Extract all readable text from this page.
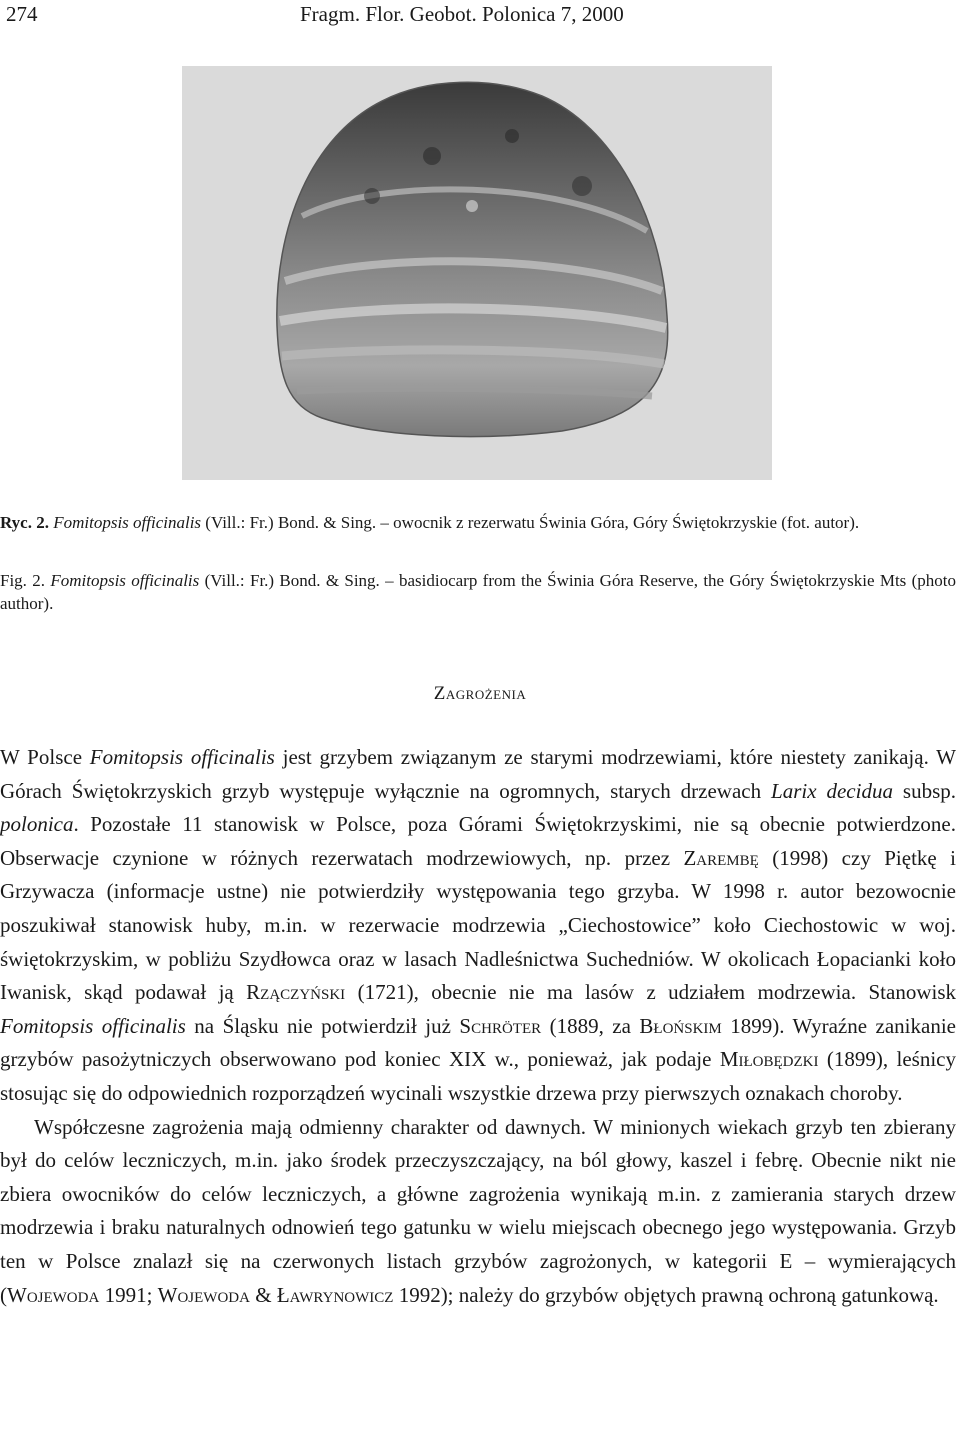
274	Fragm. Flor. Geobot. Polonica 7, 2000
Ryc. 2. Fomitopsis officinalis (Vill.: Fr.) Bond. & Sing. – owocnik z rezerwatu Świnia Góra, Góry Świętokrzyskie (fot. autor).
Fig. 2. Fomitopsis officinalis (Vill.: Fr.) Bond. & Sing. – basidiocarp from the Świnia Góra Reserve, the Góry Świętokrzyskie Mts (photo author).
Zagrożenia

W Polsce Fomitopsis officinalis jest grzybem związanym ze starymi modrzewiami, które niestety zanikają. W Górach Świętokrzyskich grzyb występuje wyłącznie na ogromnych, starych drzewach Larix decidua subsp. polonica. Pozostałe 11 stanowisk w Polsce, poza Górami Świętokrzyskimi, nie są obecnie potwierdzone. Obserwacje czynione w różnych rezerwatach modrzewiowych, np. przez Zarembę (1998) czy Piętkę i Grzywacza (informacje ustne) nie potwierdziły występowania tego grzyba. W 1998 r. autor bezowocnie poszukiwał stanowisk huby, m.in. w rezerwacie modrzewia „Ciechostowice” koło Ciechostowic w woj. świętokrzyskim, w pobliżu Szydłowca oraz w lasach Nadleśnictwa Suchedniów. W okolicach Łopacianki koło Iwanisk, skąd podawał ją Rzączyński (1721), obecnie nie ma lasów z udziałem modrzewia. Stanowisk Fomitopsis officinalis na Śląsku nie potwierdził już Schröter (1889, za Błońskim 1899). Wyraźne zanikanie grzybów pasożytniczych obserwowano pod koniec XIX w., ponieważ, jak podaje Miłobędzki (1899), leśnicy stosując się do odpowiednich rozporządzeń wycinali wszystkie drzewa przy pierwszych oznakach choroby.

Współczesne zagrożenia mają odmienny charakter od dawnych. W minionych wiekach grzyb ten zbierany był do celów leczniczych, m.in. jako środek przeczyszczający, na ból głowy, kaszel i febrę. Obecnie nikt nie zbiera owocników do celów leczniczych, a główne zagrożenia wynikają m.in. z zamierania starych drzew modrzewia i braku naturalnych odnowień tego gatunku w wielu miejscach obecnego jego występowania. Grzyb ten w Polsce znalazł się na czerwonych listach grzybów zagrożonych, w kategorii E – wymierających (Wojewoda 1991; Wojewoda & Ławrynowicz 1992); należy do grzybów objętych prawną ochroną gatunkową.
